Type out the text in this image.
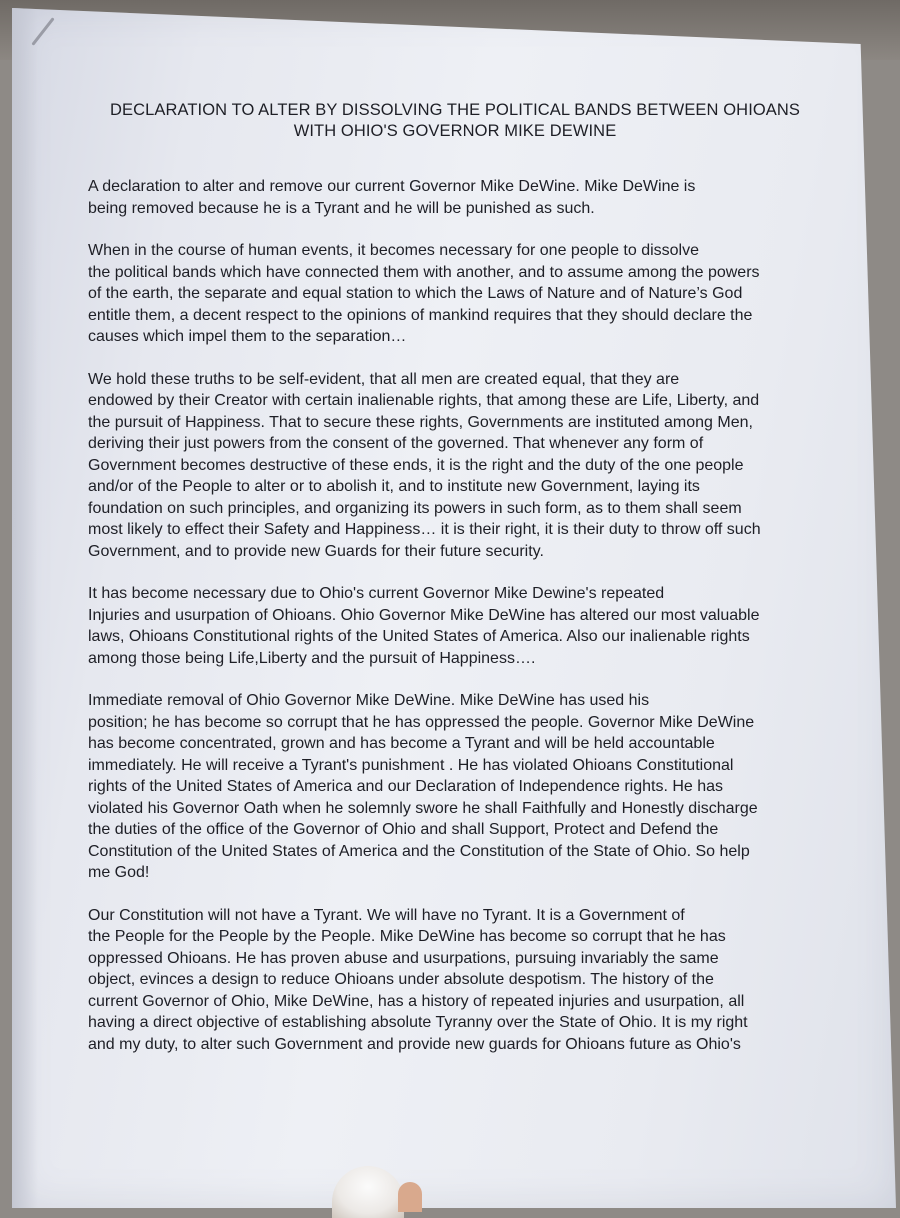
DECLARATION TO ALTER BY DISSOLVING THE POLITICAL BANDS BETWEEN OHIOANS
WITH OHIO'S GOVERNOR MIKE DEWINE

A declaration to alter and remove our current Governor Mike DeWine. Mike DeWine is
being removed because he is a Tyrant and he will be punished as such.

When in the course of human events, it becomes necessary for one people to dissolve
the political bands which have connected them with another, and to assume among the powers
of the earth, the separate and equal station to which the Laws of Nature and of Nature’s God
entitle them, a decent respect to the opinions of mankind requires that they should declare the
causes which impel them to the separation…

We hold these truths to be self-evident, that all men are created equal, that they are
endowed by their Creator with certain inalienable rights, that among these are Life, Liberty, and
the pursuit of Happiness. That to secure these rights, Governments are instituted among Men,
deriving their just powers from the consent of the governed. That whenever any form of
Government becomes destructive of these ends, it is the right and the duty of the one people
and/or of the People to alter or to abolish it, and to institute new Government, laying its
foundation on such principles, and organizing its powers in such form, as to them shall seem
most likely to effect their Safety and Happiness… it is their right, it is their duty to throw off such
Government, and to provide new Guards for their future security.

It has become necessary due to Ohio's current Governor Mike Dewine's repeated
Injuries and usurpation of Ohioans. Ohio Governor Mike DeWine has altered our most valuable
laws, Ohioans Constitutional rights of the United States of America. Also our inalienable rights
among those being Life,Liberty and the pursuit of Happiness….

Immediate removal of Ohio Governor Mike DeWine. Mike DeWine has used his
position; he has become so corrupt that he has oppressed the people. Governor Mike DeWine
has become concentrated, grown and has become a Tyrant and will be held accountable
immediately. He will receive a Tyrant's punishment . He has violated Ohioans Constitutional
rights of the United States of America and our Declaration of Independence rights. He has
violated his Governor Oath when he solemnly swore he shall Faithfully and Honestly discharge
the duties of the office of the Governor of Ohio and shall Support, Protect and Defend the
Constitution of the United States of America and the Constitution of the State of Ohio. So help
me God!

Our Constitution will not have a Tyrant. We will have no Tyrant. It is a Government of
the People for the People by the People. Mike DeWine has become so corrupt that he has
oppressed Ohioans. He has proven abuse and usurpations, pursuing invariably the same
object, evinces a design to reduce Ohioans under absolute despotism. The history of the
current Governor of Ohio, Mike DeWine, has a history of repeated injuries and usurpation, all
having a direct objective of establishing absolute Tyranny over the State of Ohio. It is my right
and my duty, to alter such Government and provide new guards for Ohioans future as Ohio's
